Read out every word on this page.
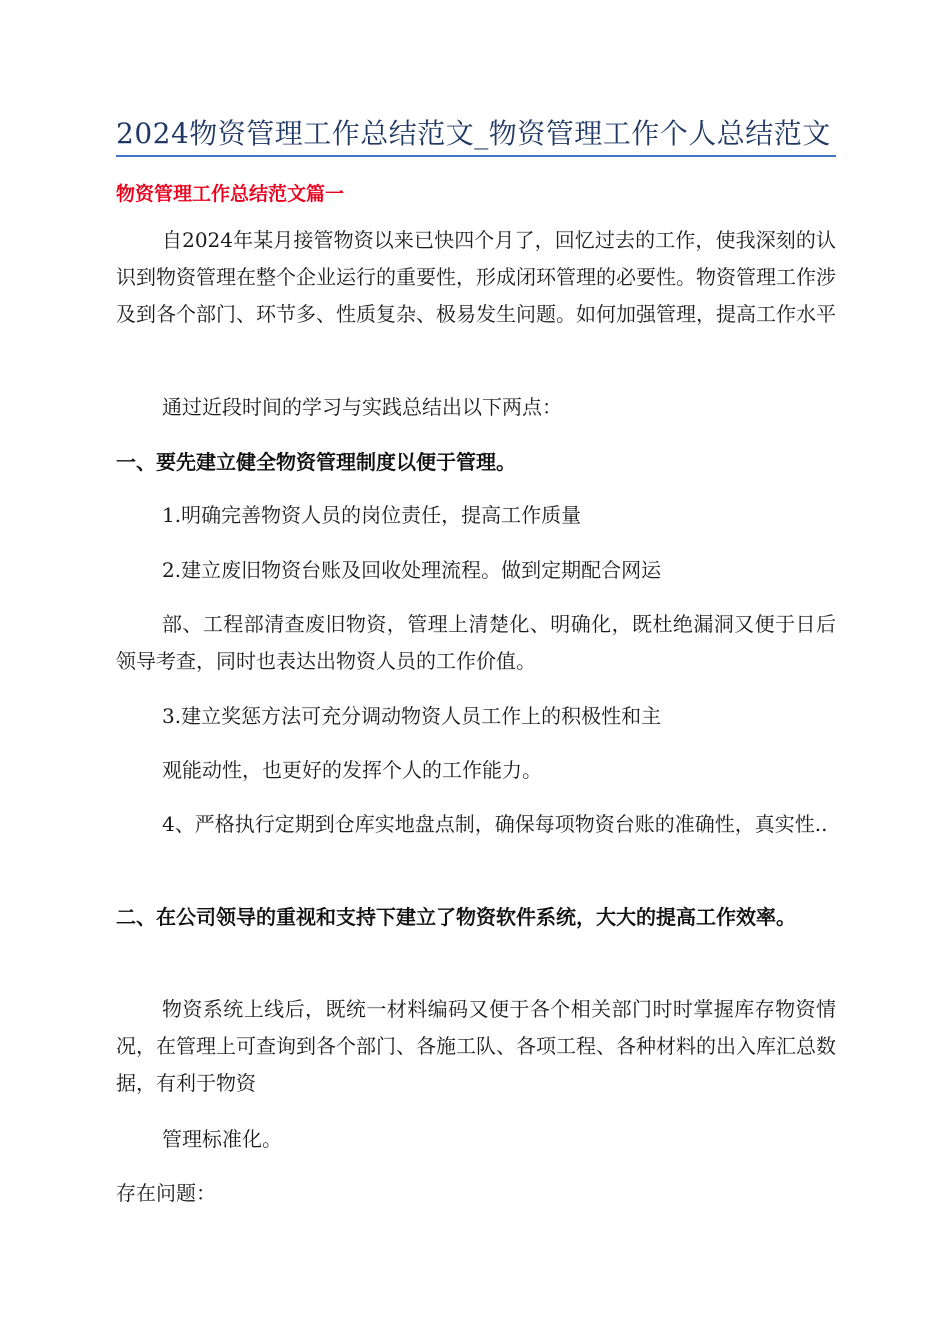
2024物资管理工作总结范文_物资管理工作个人总结范文
物资管理工作总结范文篇一
自2024年某月接管物资以来已快四个月了，回忆过去的工作，使我深刻的认识到物资管理在整个企业运行的重要性，形成闭环管理的必要性。物资管理工作涉及到各个部门、环节多、性质复杂、极易发生问题。如何加强管理，提高工作水平
通过近段时间的学习与实践总结出以下两点：
一、要先建立健全物资管理制度以便于管理。
1.明确完善物资人员的岗位责任，提高工作质量
2.建立废旧物资台账及回收处理流程。做到定期配合网运
部、工程部清查废旧物资，管理上清楚化、明确化，既杜绝漏洞又便于日后领导考查，同时也表达出物资人员的工作价值。
3.建立奖惩方法可充分调动物资人员工作上的积极性和主
观能动性，也更好的发挥个人的工作能力。
4、严格执行定期到仓库实地盘点制，确保每项物资台账的准确性，真实性..
二、在公司领导的重视和支持下建立了物资软件系统，大大的提高工作效率。
物资系统上线后，既统一材料编码又便于各个相关部门时时掌握库存物资情况，在管理上可查询到各个部门、各施工队、各项工程、各种材料的出入库汇总数据，有利于物资
管理标准化。
存在问题：
